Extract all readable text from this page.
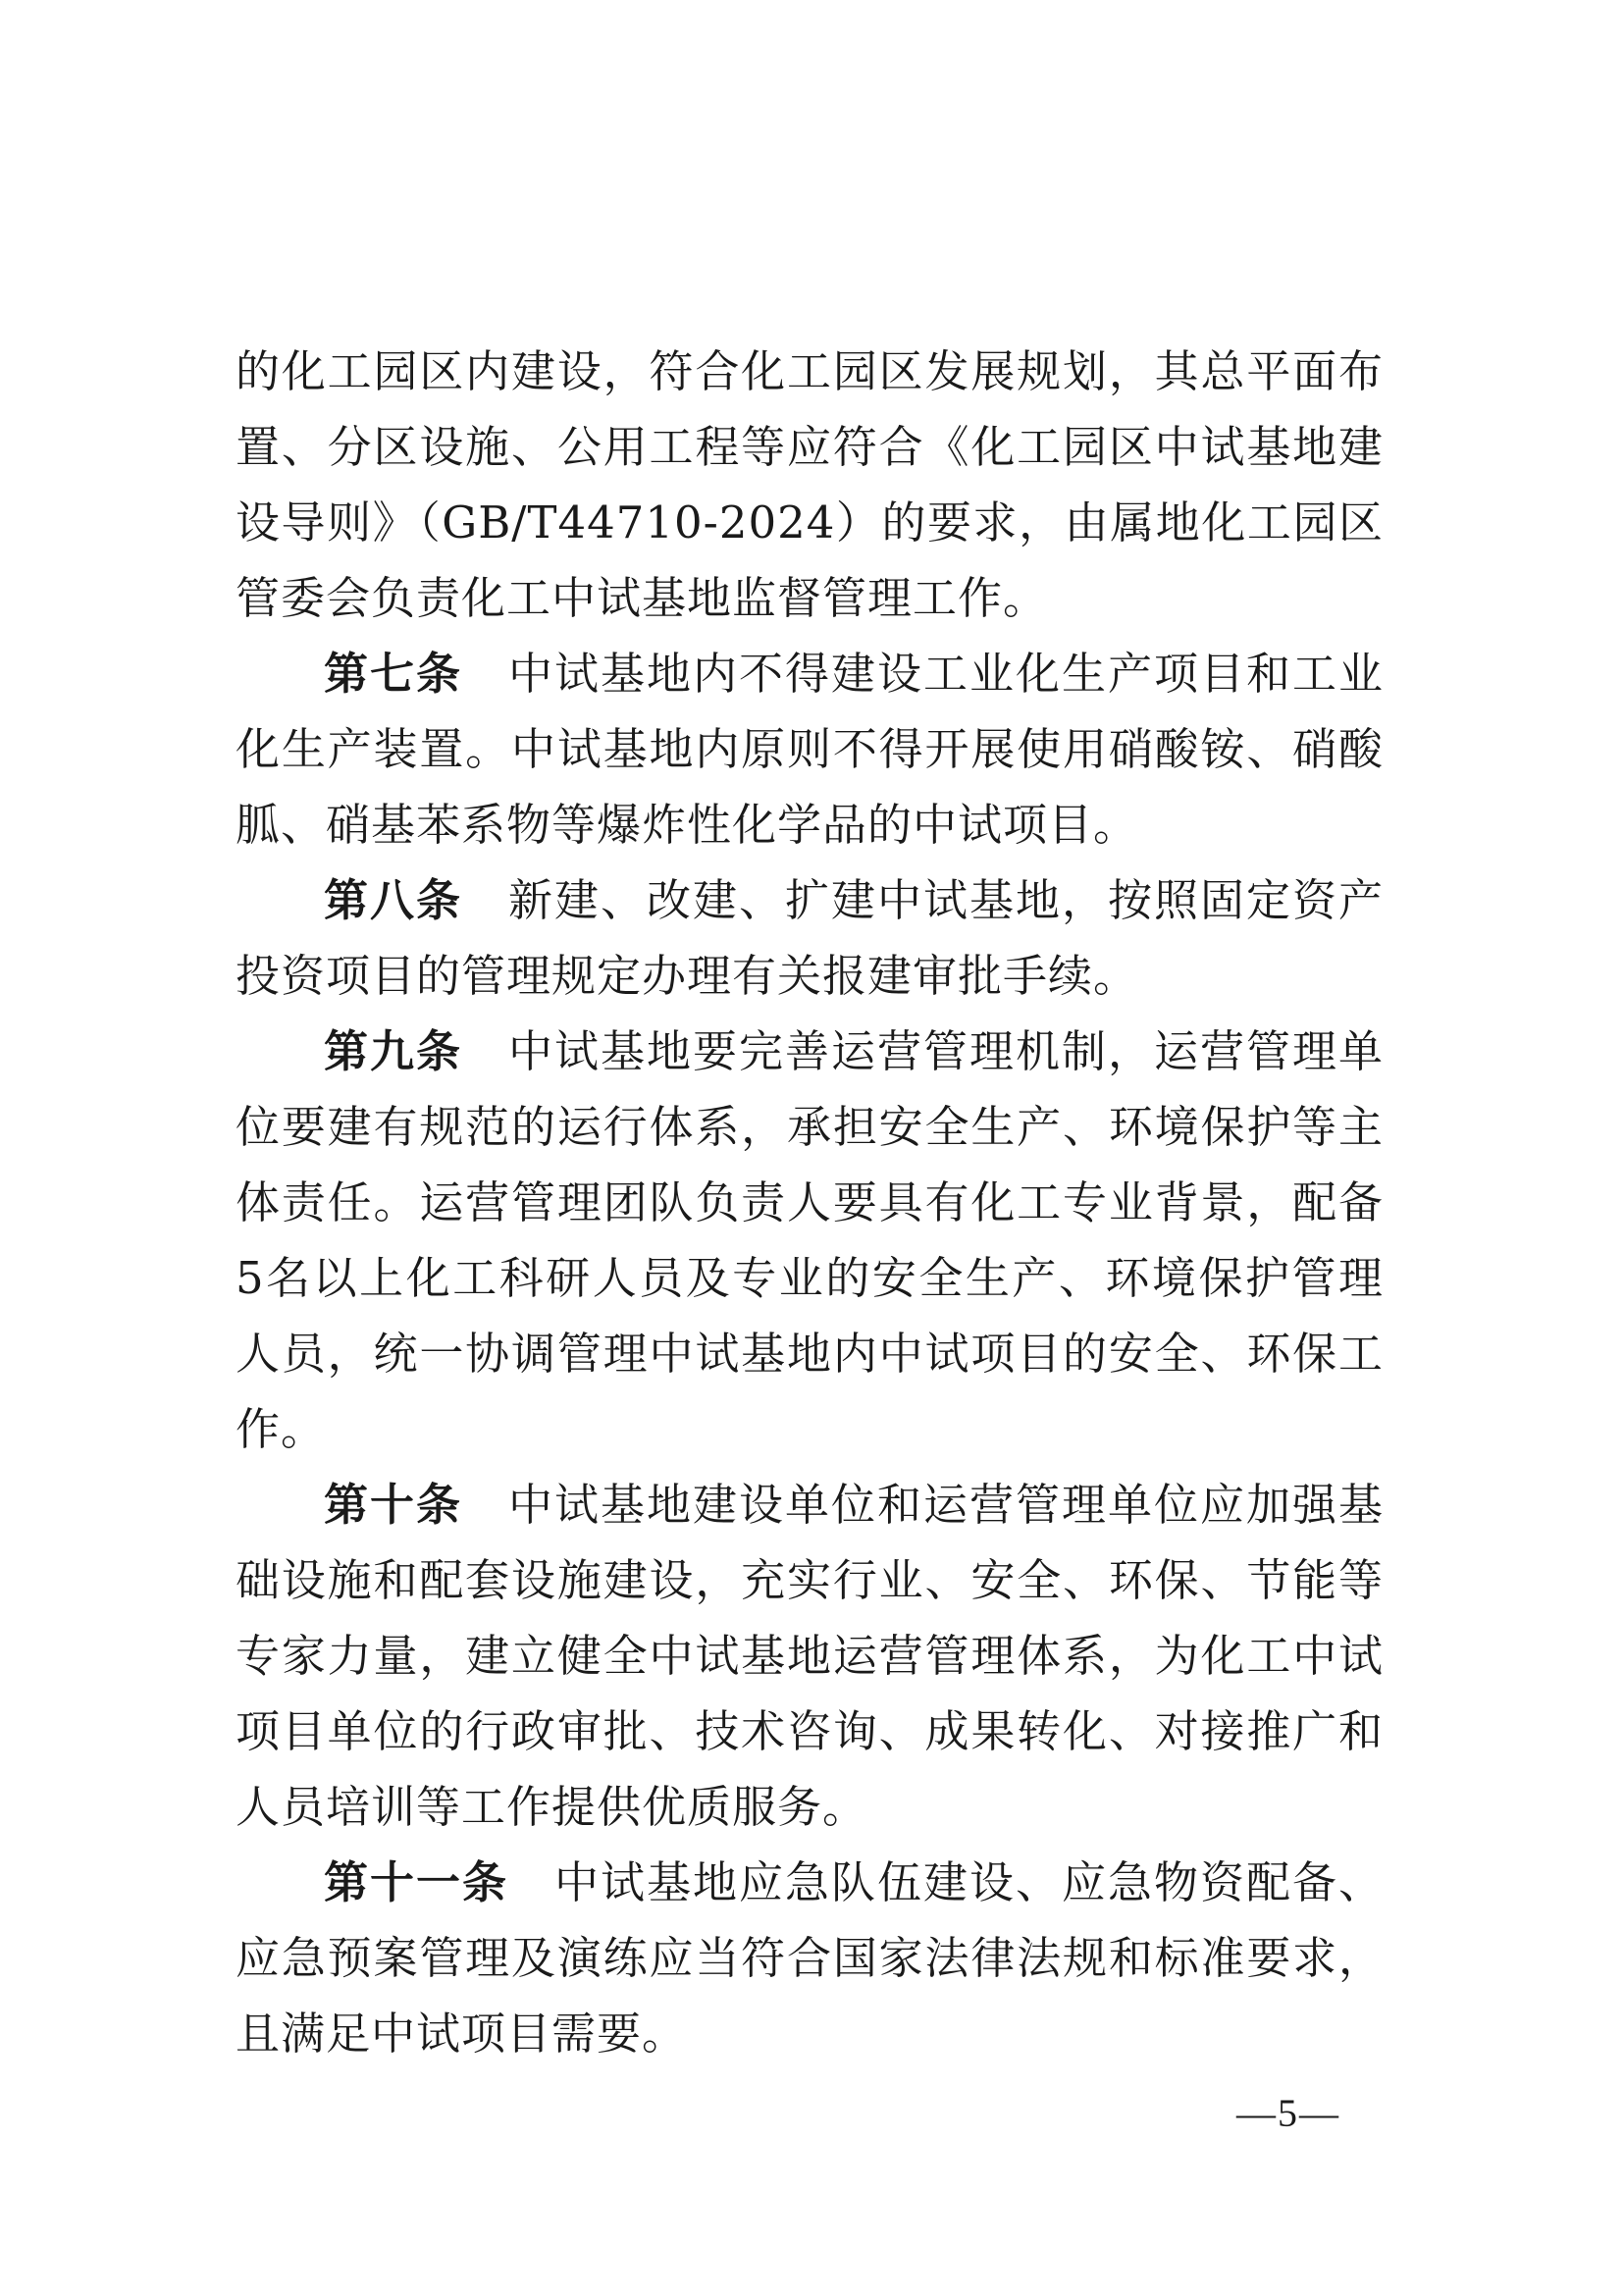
的化工园区内建设，符合化工园区发展规划，其总平面布置、分区设施、公用工程等应符合《化工园区中试基地建设导则》（GB/T44710-2024）的要求，由属地化工园区管委会负责化工中试基地监督管理工作。

第七条　 中试基地内不得建设工业化生产项目和工业化生产装置。中试基地内原则不得开展使用硝酸铵、硝酸胍、硝基苯系物等爆炸性化学品的中试项目。

第八条　 新建、改建、扩建中试基地，按照固定资产投资项目的管理规定办理有关报建审批手续。

第九条　 中试基地要完善运营管理机制，运营管理单位要建有规范的运行体系，承担安全生产、环境保护等主体责任。运营管理团队负责人要具有化工专业背景，配备5名以上化工科研人员及专业的安全生产、环境保护管理人员，统一协调管理中试基地内中试项目的安全、环保工作。

第十条　 中试基地建设单位和运营管理单位应加强基础设施和配套设施建设，充实行业、安全、环保、节能等专家力量，建立健全中试基地运营管理体系，为化工中试项目单位的行政审批、技术咨询、成果转化、对接推广和人员培训等工作提供优质服务。

第十一条　 中试基地应急队伍建设、应急物资配备、应急预案管理及演练应当符合国家法律法规和标准要求，且满足中试项目需要。

—5—
